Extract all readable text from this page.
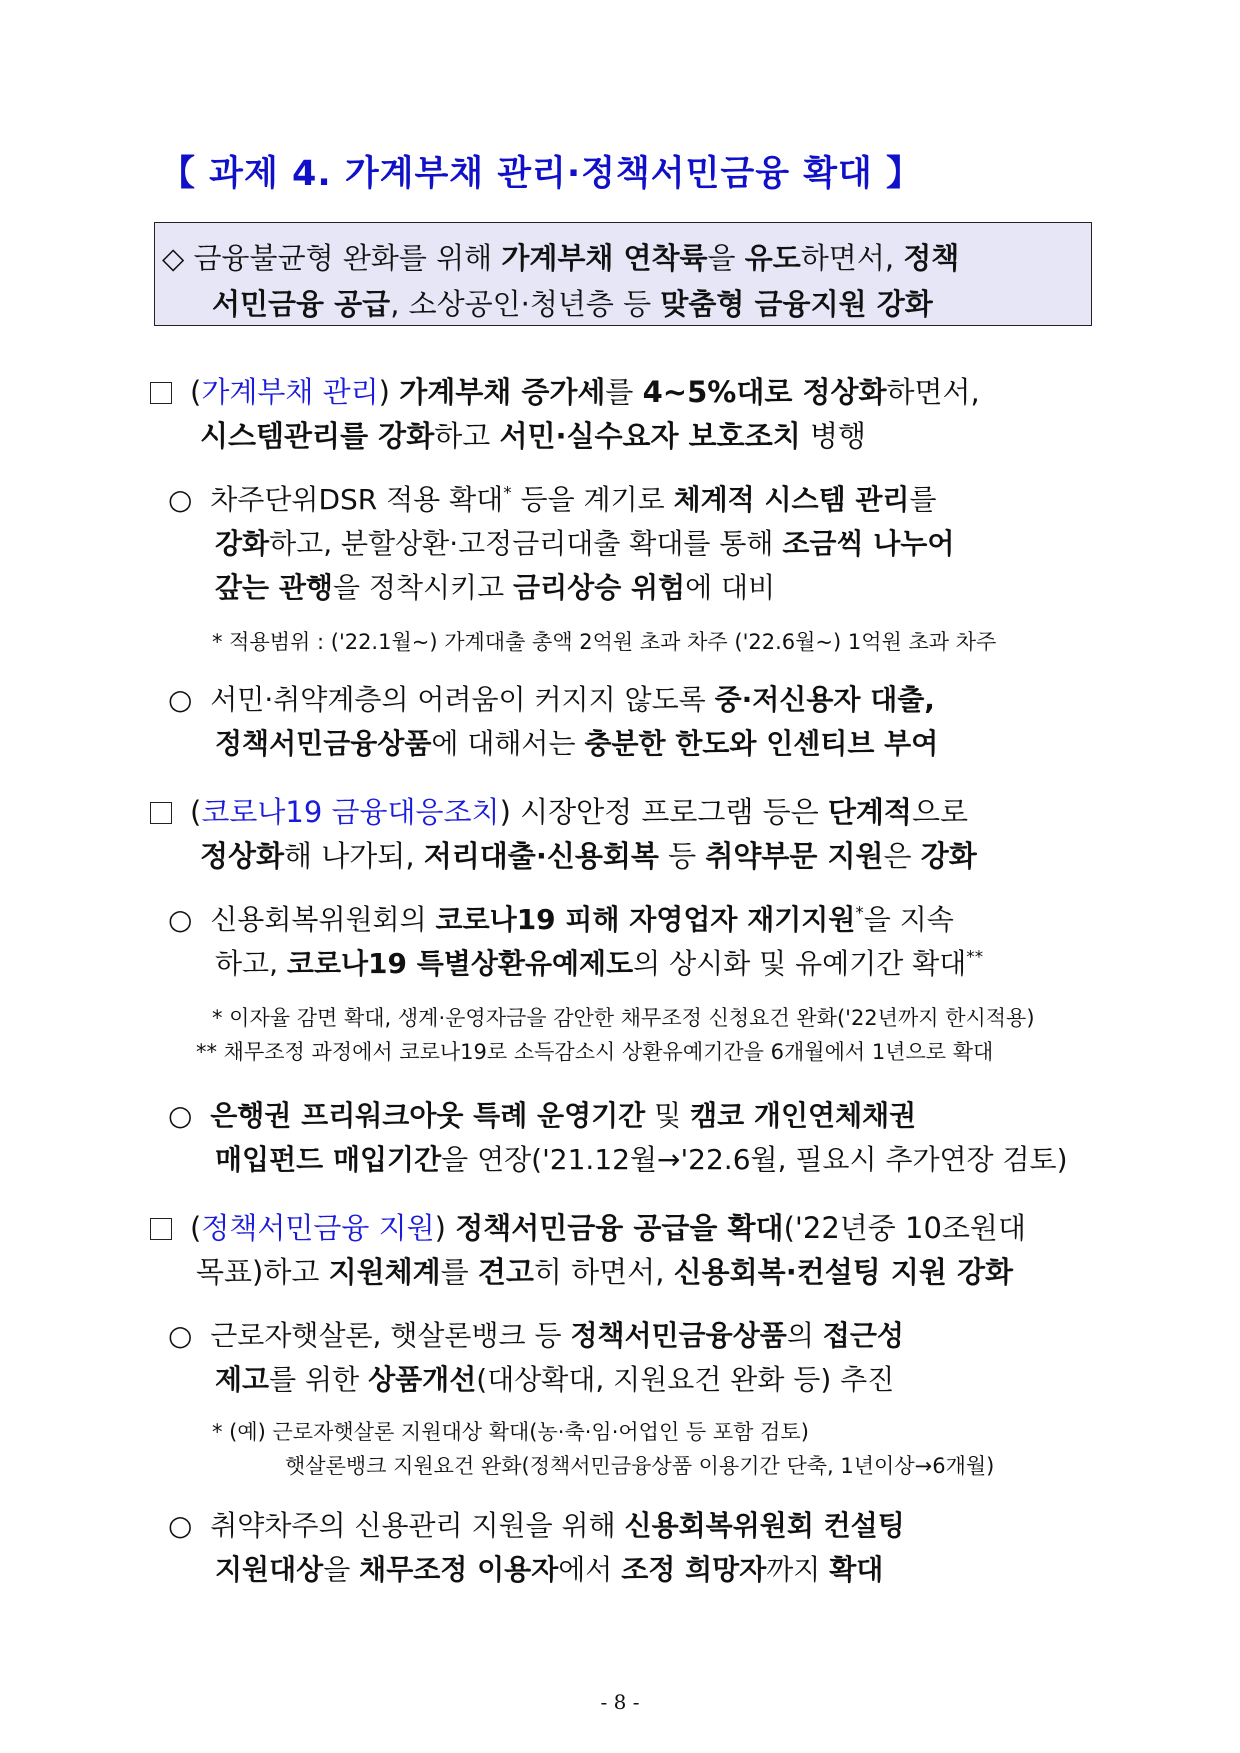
【 과제 4. 가계부채 관리·정책서민금융 확대 】
◇ 금융불균형 완화를 위해 가계부채 연착륙을 유도하면서, 정책
서민금융 공급, 소상공인·청년층 등 맞춤형 금융지원 강화
(가계부채 관리) 가계부채 증가세를 4~5%대로 정상화하면서,
시스템관리를 강화하고 서민·실수요자 보호조치 병행
○ 차주단위DSR 적용 확대* 등을 계기로 체계적 시스템 관리를
강화하고, 분할상환·고정금리대출 확대를 통해 조금씩 나누어
갚는 관행을 정착시키고 금리상승 위험에 대비
* 적용범위 : ('22.1월~) 가계대출 총액 2억원 초과 차주 ('22.6월~) 1억원 초과 차주
○ 서민·취약계층의 어려움이 커지지 않도록 중·저신용자 대출,
정책서민금융상품에 대해서는 충분한 한도와 인센티브 부여
(코로나19 금융대응조치) 시장안정 프로그램 등은 단계적으로
정상화해 나가되, 저리대출·신용회복 등 취약부문 지원은 강화
○ 신용회복위원회의 코로나19 피해 자영업자 재기지원*을 지속
하고, 코로나19 특별상환유예제도의 상시화 및 유예기간 확대**
* 이자율 감면 확대, 생계·운영자금을 감안한 채무조정 신청요건 완화('22년까지 한시적용)
** 채무조정 과정에서 코로나19로 소득감소시 상환유예기간을 6개월에서 1년으로 확대
○ 은행권 프리워크아웃 특례 운영기간 및 캠코 개인연체채권
매입펀드 매입기간을 연장('21.12월→'22.6월, 필요시 추가연장 검토)
(정책서민금융 지원) 정책서민금융 공급을 확대('22년중 10조원대
목표)하고 지원체계를 견고히 하면서, 신용회복·컨설팅 지원 강화
○ 근로자햇살론, 햇살론뱅크 등 정책서민금융상품의 접근성
제고를 위한 상품개선(대상확대, 지원요건 완화 등) 추진
* (예) 근로자햇살론 지원대상 확대(농·축·임·어업인 등 포함 검토)
햇살론뱅크 지원요건 완화(정책서민금융상품 이용기간 단축, 1년이상→6개월)
○ 취약차주의 신용관리 지원을 위해 신용회복위원회 컨설팅
지원대상을 채무조정 이용자에서 조정 희망자까지 확대
- 8 -
